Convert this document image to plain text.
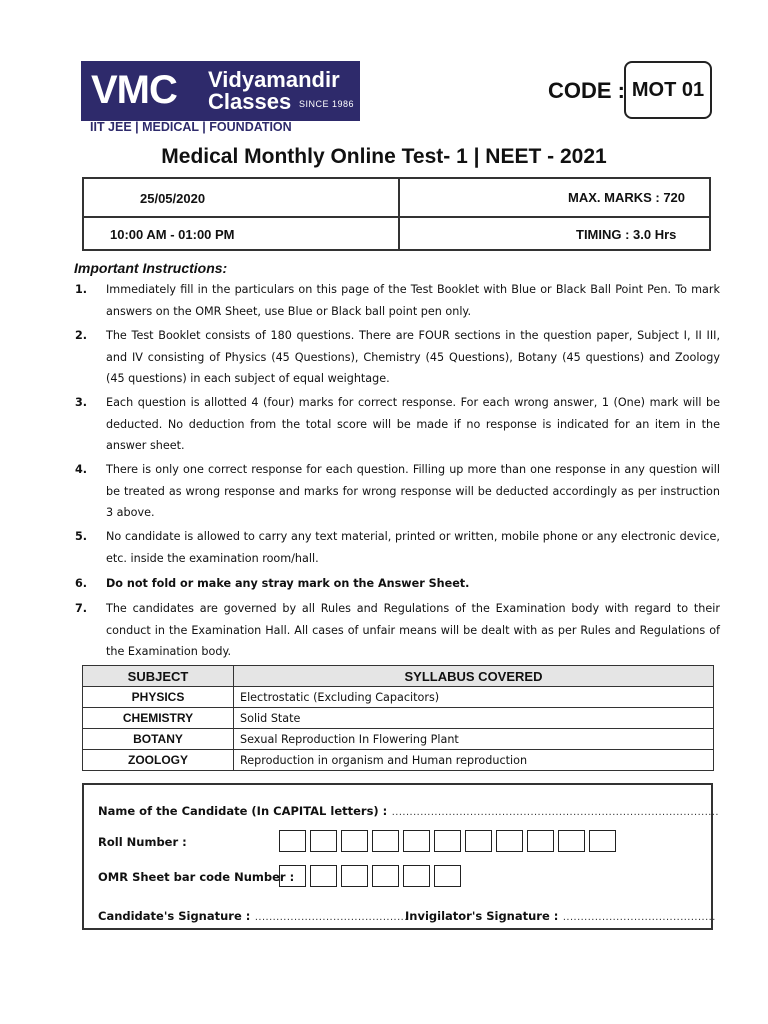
VMC Vidyamandir
Classes SINCE 1986
IIT JEE | MEDICAL | FOUNDATION
CODE : MOT 01
Medical Monthly Online Test- 1 | NEET - 2021
25/05/2020	MAX. MARKS : 720
10:00 AM - 01:00 PM	TIMING : 3.0 Hrs
Important Instructions:
1. Immediately fill in the particulars on this page of the Test Booklet with Blue or Black Ball Point Pen. To mark answers on the OMR Sheet, use Blue or Black ball point pen only.
2. The Test Booklet consists of 180 questions. There are FOUR sections in the question paper, Subject I, II III, and IV consisting of Physics (45 Questions), Chemistry (45 Questions), Botany (45 questions) and Zoology (45 questions) in each subject of equal weightage.
3. Each question is allotted 4 (four) marks for correct response. For each wrong answer, 1 (One) mark will be deducted. No deduction from the total score will be made if no response is indicated for an item in the answer sheet.
4. There is only one correct response for each question. Filling up more than one response in any question will be treated as wrong response and marks for wrong response will be deducted accordingly as per instruction 3 above.
5. No candidate is allowed to carry any text material, printed or written, mobile phone or any electronic device, etc. inside the examination room/hall.
6. Do not fold or make any stray mark on the Answer Sheet.
7. The candidates are governed by all Rules and Regulations of the Examination body with regard to their conduct in the Examination Hall. All cases of unfair means will be dealt with as per Rules and Regulations of the Examination body.
SUBJECT	SYLLABUS COVERED
PHYSICS	Electrostatic (Excluding Capacitors)
CHEMISTRY	Solid State
BOTANY	Sexual Reproduction In Flowering Plant
ZOOLOGY	Reproduction in organism and Human reproduction
Name of the Candidate (In CAPITAL letters) : ............................................................................................
Roll Number :
OMR Sheet bar code Number :
Candidate's Signature : ...........................................
Invigilator's Signature : ...........................................
